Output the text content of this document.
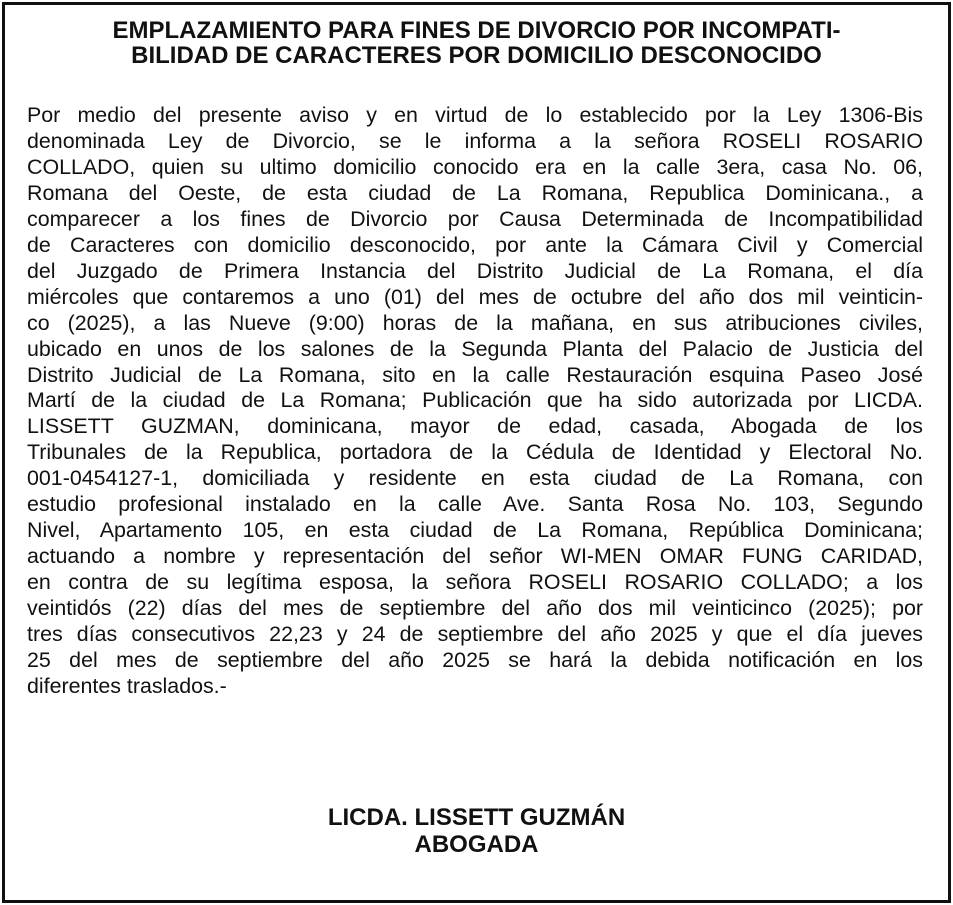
EMPLAZAMIENTO PARA FINES DE DIVORCIO POR INCOMPATI-
BILIDAD DE CARACTERES POR DOMICILIO DESCONOCIDO

Por medio del presente aviso y en virtud de lo establecido por la Ley 1306-Bis
denominada Ley de Divorcio, se le informa a la señora ROSELI ROSARIO
COLLADO, quien su ultimo domicilio conocido era en la calle 3era, casa No. 06,
Romana del Oeste, de esta ciudad de La Romana, Republica Dominicana., a
comparecer a los fines de Divorcio por Causa Determinada de Incompatibilidad
de Caracteres con domicilio desconocido, por ante la Cámara Civil y Comercial
del Juzgado de Primera Instancia del Distrito Judicial de La Romana, el día
miércoles que contaremos a uno (01) del mes de octubre del año dos mil veinticin-
co (2025), a las Nueve (9:00) horas de la mañana, en sus atribuciones civiles,
ubicado en unos de los salones de la Segunda Planta del Palacio de Justicia del
Distrito Judicial de La Romana, sito en la calle Restauración esquina Paseo José
Martí de la ciudad de La Romana; Publicación que ha sido autorizada por LICDA.
LISSETT GUZMAN, dominicana, mayor de edad, casada, Abogada de los
Tribunales de la Republica, portadora de la Cédula de Identidad y Electoral No.
001-0454127-1, domiciliada y residente en esta ciudad de La Romana, con
estudio profesional instalado en la calle Ave. Santa Rosa No. 103, Segundo
Nivel, Apartamento 105, en esta ciudad de La Romana, República Dominicana;
actuando a nombre y representación del señor WI-MEN OMAR FUNG CARIDAD,
en contra de su legítima esposa, la señora ROSELI ROSARIO COLLADO; a los
veintidós (22) días del mes de septiembre del año dos mil veinticinco (2025); por
tres días consecutivos 22,23 y 24 de septiembre del año 2025 y que el día jueves
25 del mes de septiembre del año 2025 se hará la debida notificación en los
diferentes traslados.-

LICDA. LISSETT GUZMÁN
ABOGADA
